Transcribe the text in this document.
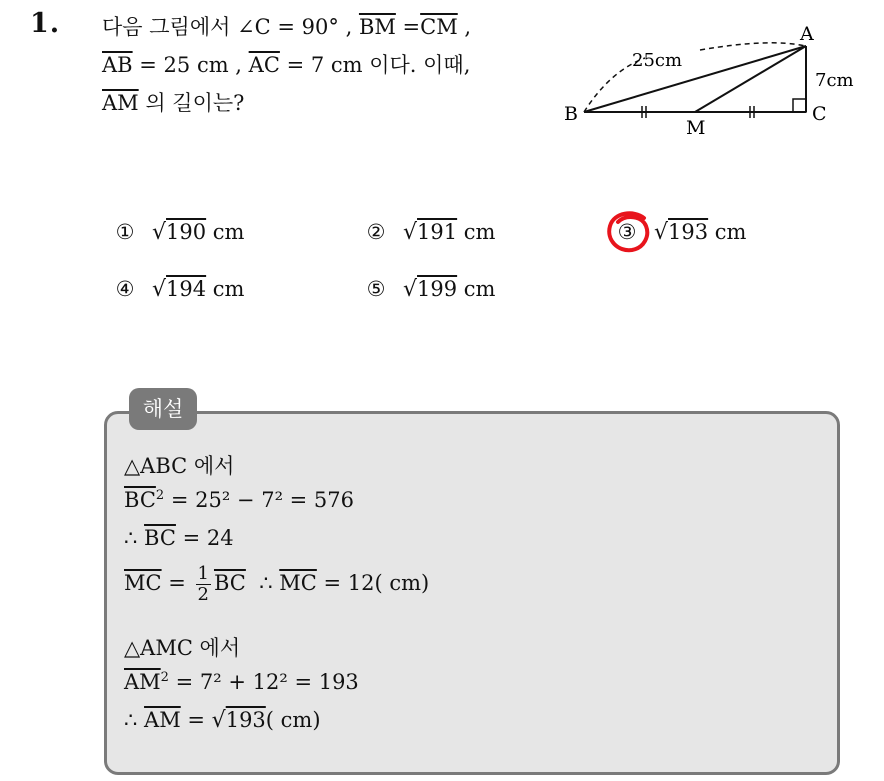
1. 다음 그림에서 ∠C = 90° , $\overline{BM} =\overline{CM}$ ,
$\overline{AB} = 25$ cm , $\overline{AC} = 7$ cm 이다. 이때,
$\overline{AM}$ 의 길이는?
A
B	C
M
25cm
7cm
① √190 cm	② √191 cm	③ √193 cm
④ √194 cm	⑤ √199 cm
해설
△ABC 에서
$\overline{BC}^2 = 25^2 - 7^2 = 576$
∴ $\overline{BC} = 24$
$\overline{MC} = \frac{1}{2} \overline{BC}$  ∴ $\overline{MC} = 12$( cm)
△AMC 에서
$\overline{AM}^2 = 7^2 + 12^2 = 193$
∴ $\overline{AM} = √193$( cm)
